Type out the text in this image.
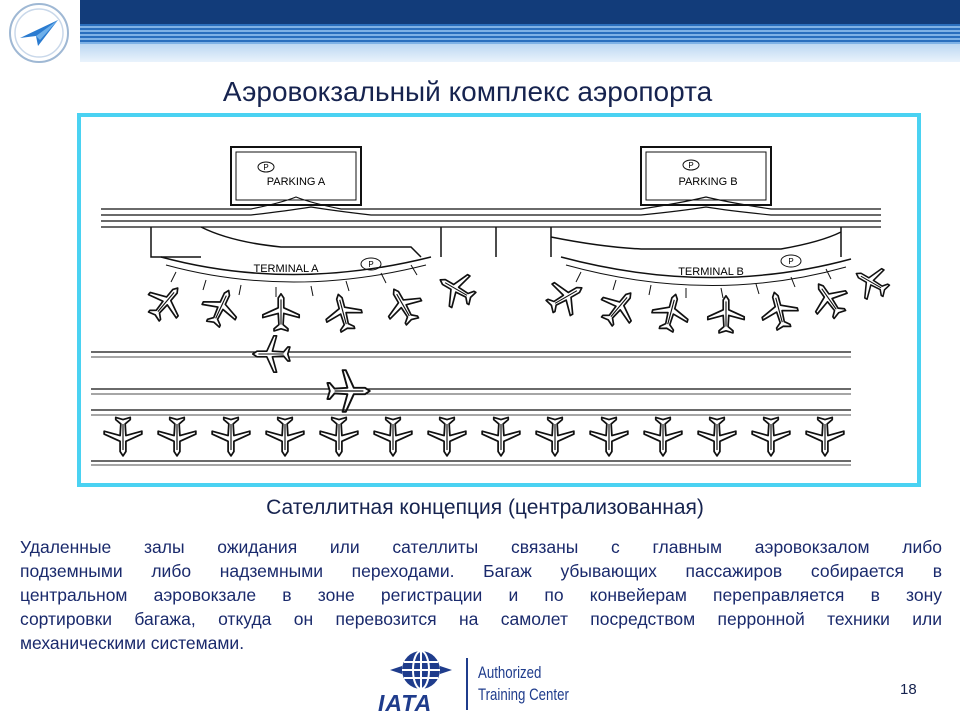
Аэровокзальный комплекс аэропорта
P
PARKING A
P
PARKING B
TERMINAL A	P
TERMINAL B
P
Сателлитная концепция (централизованная)
Удаленные залы ожидания или сателлиты связаны с главным аэровокзалом либо
подземными либо надземными переходами. Багаж убывающих пассажиров собирается в
центральном аэровокзале в зоне регистрации и по конвейерам переправляется в зону
сортировки багажа, откуда он перевозится на самолет посредством перронной техники или
механическими системами.
IATA
Authorized
Training Center	18
